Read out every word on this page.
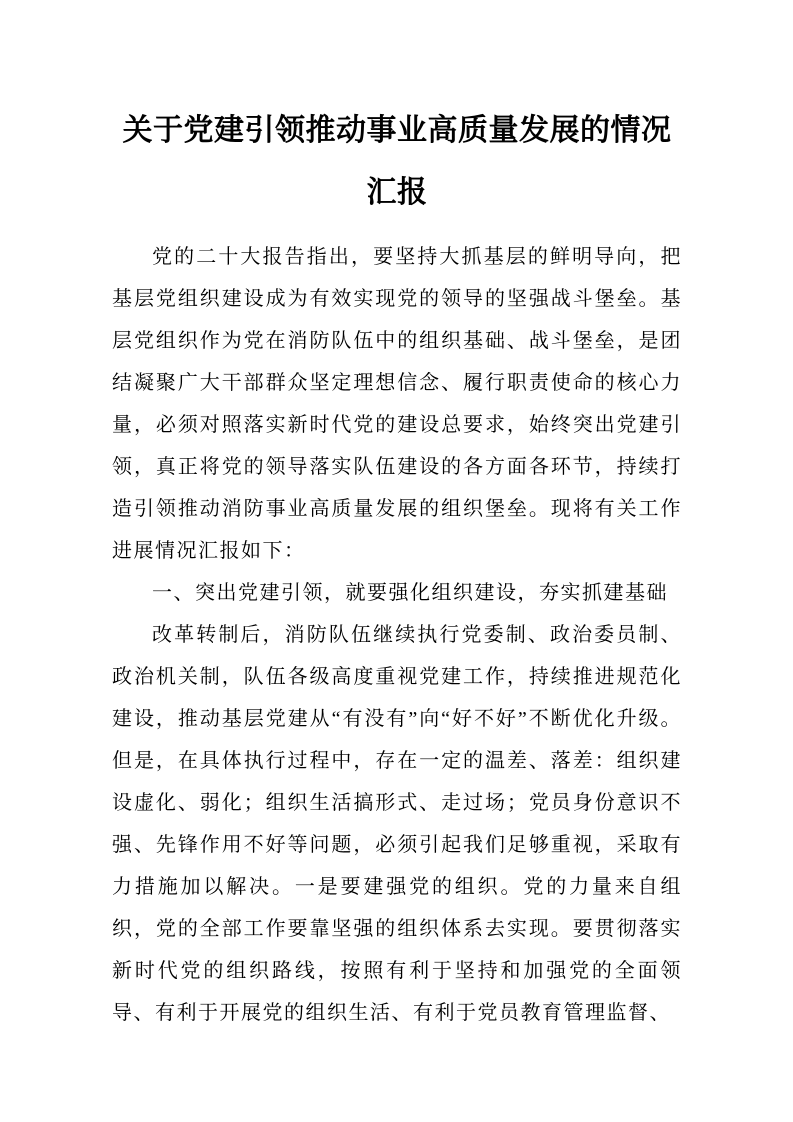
关于党建引领推动事业高质量发展的情况
汇报

党的二十大报告指出，要坚持大抓基层的鲜明导向，把基层党组织建设成为有效实现党的领导的坚强战斗堡垒。基层党组织作为党在消防队伍中的组织基础、战斗堡垒，是团结凝聚广大干部群众坚定理想信念、履行职责使命的核心力量，必须对照落实新时代党的建设总要求，始终突出党建引领，真正将党的领导落实队伍建设的各方面各环节，持续打造引领推动消防事业高质量发展的组织堡垒。现将有关工作进展情况汇报如下：

一、突出党建引领，就要强化组织建设，夯实抓建基础

改革转制后，消防队伍继续执行党委制、政治委员制、政治机关制，队伍各级高度重视党建工作，持续推进规范化建设，推动基层党建从“有没有”向“好不好”不断优化升级。但是，在具体执行过程中，存在一定的温差、落差：组织建设虚化、弱化；组织生活搞形式、走过场；党员身份意识不强、先锋作用不好等问题，必须引起我们足够重视，采取有力措施加以解决。一是要建强党的组织。党的力量来自组织，党的全部工作要靠坚强的组织体系去实现。要贯彻落实新时代党的组织路线，按照有利于坚持和加强党的全面领导、有利于开展党的组织生活、有利于党员教育管理监督、
